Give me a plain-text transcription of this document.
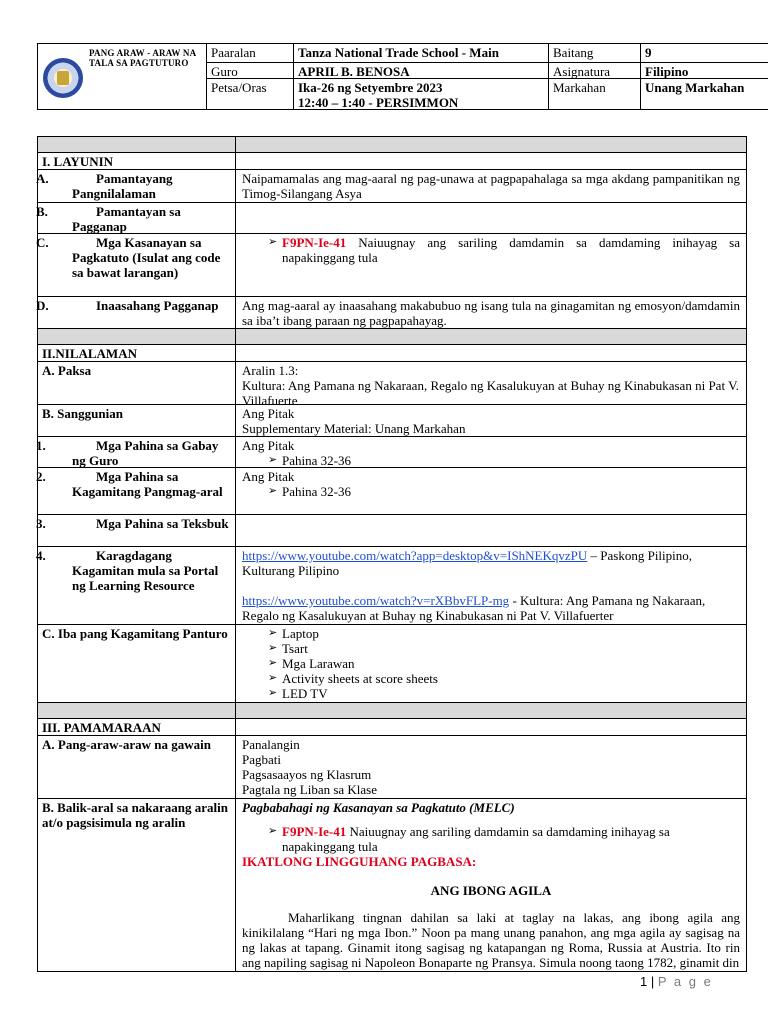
PANG ARAW - ARAW NA TALA SA PAGTUTURO
Paaralan	Tanza National Trade School - Main	Baitang	9
Guro	APRIL B. BENOSA	Asignatura	Filipino
Petsa/Oras	Ika-26 ng Setyembre 2023
12:40 – 1:40 - PERSIMMON
Markahan	Unang Markahan
I. LAYUNIN
A.	Pamantayang Pangnilalaman
Naipamamalas ang mag-aaral ng pag-unawa at pagpapahalaga sa mga akdang pampanitikan ng Timog-Silangang Asya
B.	Pamantayan sa Pagganap
C.	Mga Kasanayan sa Pagkatuto (Isulat ang code sa bawat larangan)
➢ F9PN-Ie-41 Naiuugnay ang sariling damdamin sa damdaming inihayag sa napakinggang tula
D.	Inaasahang Pagganap	Ang mag-aaral ay inaasahang makabubuo ng isang tula na ginagamitan ng emosyon/damdamin sa iba’t ibang paraan ng pagpapahayag.
II.NILALAMAN
A. Paksa	Aralin 1.3:
Kultura: Ang Pamana ng Nakaraan, Regalo ng Kasalukuyan at Buhay ng Kinabukasan ni Pat V. Villafuerte
B. Sanggunian	Ang Pitak
Supplementary Material: Unang Markahan
1.	Mga Pahina sa Gabay ng Guro
Ang Pitak
➢ Pahina 32-36
2.	Mga Pahina sa Kagamitang Pangmag-aral
Ang Pitak
➢ Pahina 32-36
3.	Mga Pahina sa Teksbuk
4.	Karagdagang Kagamitan mula sa Portal ng Learning Resource
https://www.youtube.com/watch?app=desktop&v=IShNEKqvzPU – Paskong Pilipino, Kulturang Pilipino
https://www.youtube.com/watch?v=rXBbvFLP-mg - Kultura: Ang Pamana ng Nakaraan, Regalo ng Kasalukuyan at Buhay ng Kinabukasan ni Pat V. Villafuerter
C. Iba pang Kagamitang Panturo
➢	Laptop
➢ Tsart
➢ Mga Larawan
➢ Activity sheets at score sheets
➢ LED TV
III. PAMAMARAAN
A. Pang-araw-araw na gawain	Panalangin
Pagbati
Pagsasaayos ng Klasrum
Pagtala ng Liban sa Klase
B. Balik-aral sa nakaraang aralin at/o pagsisimula ng aralin
Pagbabahagi ng Kasanayan sa Pagkatuto (MELC)
➢ F9PN-Ie-41 Naiuugnay ang sariling damdamin sa damdaming inihayag sa napakinggang tula
IKATLONG LINGGUHANG PAGBASA:
ANG IBONG AGILA
Maharlikang tingnan dahilan sa laki at taglay na lakas, ang ibong agila ang kinikilalang “Hari ng mga Ibon.” Noon pa mang unang panahon, ang mga agila ay sagisag na ng lakas at tapang. Ginamit itong sagisag ng katapangan ng Roma, Russia at Austria. Ito rin ang napiling sagisag ni Napoleon Bonaparte ng Pransya. Simula noong taong 1782, ginamit din
1 | P a g e
